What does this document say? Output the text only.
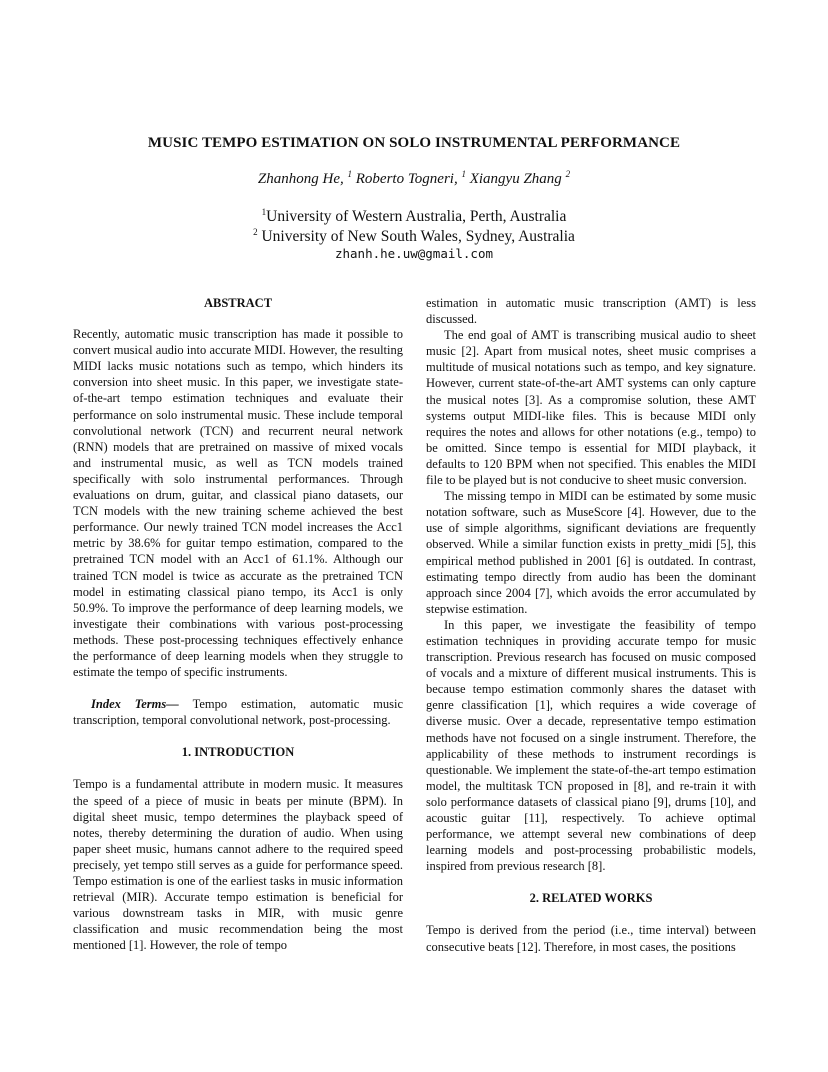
MUSIC TEMPO ESTIMATION ON SOLO INSTRUMENTAL PERFORMANCE
Zhanhong He, $^1$ Roberto Togneri, $^1$ Xiangyu Zhang $^2$
$^1$University of Western Australia, Perth, Australia
$^2$ University of New South Wales, Sydney, Australia
zhanh.he.uw@gmail.com
ABSTRACT

Recently, automatic music transcription has made it possible to convert musical audio into accurate MIDI. However, the resulting MIDI lacks music notations such as tempo, which hinders its conversion into sheet music. In this paper, we investigate state-of-the-art tempo estimation techniques and evaluate their performance on solo instrumental music. These include temporal convolutional network (TCN) and recurrent neural network (RNN) models that are pretrained on massive of mixed vocals and instrumental music, as well as TCN models trained specifically with solo instrumental performances. Through evaluations on drum, guitar, and classical piano datasets, our TCN models with the new training scheme achieved the best performance. Our newly trained TCN model increases the Acc1 metric by 38.6% for guitar tempo estimation, compared to the pretrained TCN model with an Acc1 of 61.1%. Although our trained TCN model is twice as accurate as the pretrained TCN model in estimating classical piano tempo, its Acc1 is only 50.9%. To improve the performance of deep learning models, we investigate their combinations with various post-processing methods. These post-processing techniques effectively enhance the performance of deep learning models when they struggle to estimate the tempo of specific instruments.

Index Terms— Tempo estimation, automatic music transcription, temporal convolutional network, post-processing.

1. INTRODUCTION

Tempo is a fundamental attribute in modern music. It measures the speed of a piece of music in beats per minute (BPM). In digital sheet music, tempo determines the playback speed of notes, thereby determining the duration of audio. When using paper sheet music, humans cannot adhere to the required speed precisely, yet tempo still serves as a guide for performance speed. Tempo estimation is one of the earliest tasks in music information retrieval (MIR). Accurate tempo estimation is beneficial for various downstream tasks in MIR, with music genre classification and music recommendation being the most mentioned [1]. However, the role of tempo

estimation in automatic music transcription (AMT) is less discussed.

The end goal of AMT is transcribing musical audio to sheet music [2]. Apart from musical notes, sheet music comprises a multitude of musical notations such as tempo, and key signature. However, current state-of-the-art AMT systems can only capture the musical notes [3]. As a compromise solution, these AMT systems output MIDI-like files. This is because MIDI only requires the notes and allows for other notations (e.g., tempo) to be omitted. Since tempo is essential for MIDI playback, it defaults to 120 BPM when not specified. This enables the MIDI file to be played but is not conducive to sheet music conversion.

The missing tempo in MIDI can be estimated by some music notation software, such as MuseScore [4]. However, due to the use of simple algorithms, significant deviations are frequently observed. While a similar function exists in pretty_midi [5], this empirical method published in 2001 [6] is outdated. In contrast, estimating tempo directly from audio has been the dominant approach since 2004 [7], which avoids the error accumulated by stepwise estimation.

In this paper, we investigate the feasibility of tempo estimation techniques in providing accurate tempo for music transcription. Previous research has focused on music composed of vocals and a mixture of different musical instruments. This is because tempo estimation commonly shares the dataset with genre classification [1], which requires a wide coverage of diverse music. Over a decade, representative tempo estimation methods have not focused on a single instrument. Therefore, the applicability of these methods to instrument recordings is questionable. We implement the state-of-the-art tempo estimation model, the multitask TCN proposed in [8], and re-train it with solo performance datasets of classical piano [9], drums [10], and acoustic guitar [11], respectively. To achieve optimal performance, we attempt several new combinations of deep learning models and post-processing probabilistic models, inspired from previous research [8].

2. RELATED WORKS

Tempo is derived from the period (i.e., time interval) between consecutive beats [12]. Therefore, in most cases, the positions
